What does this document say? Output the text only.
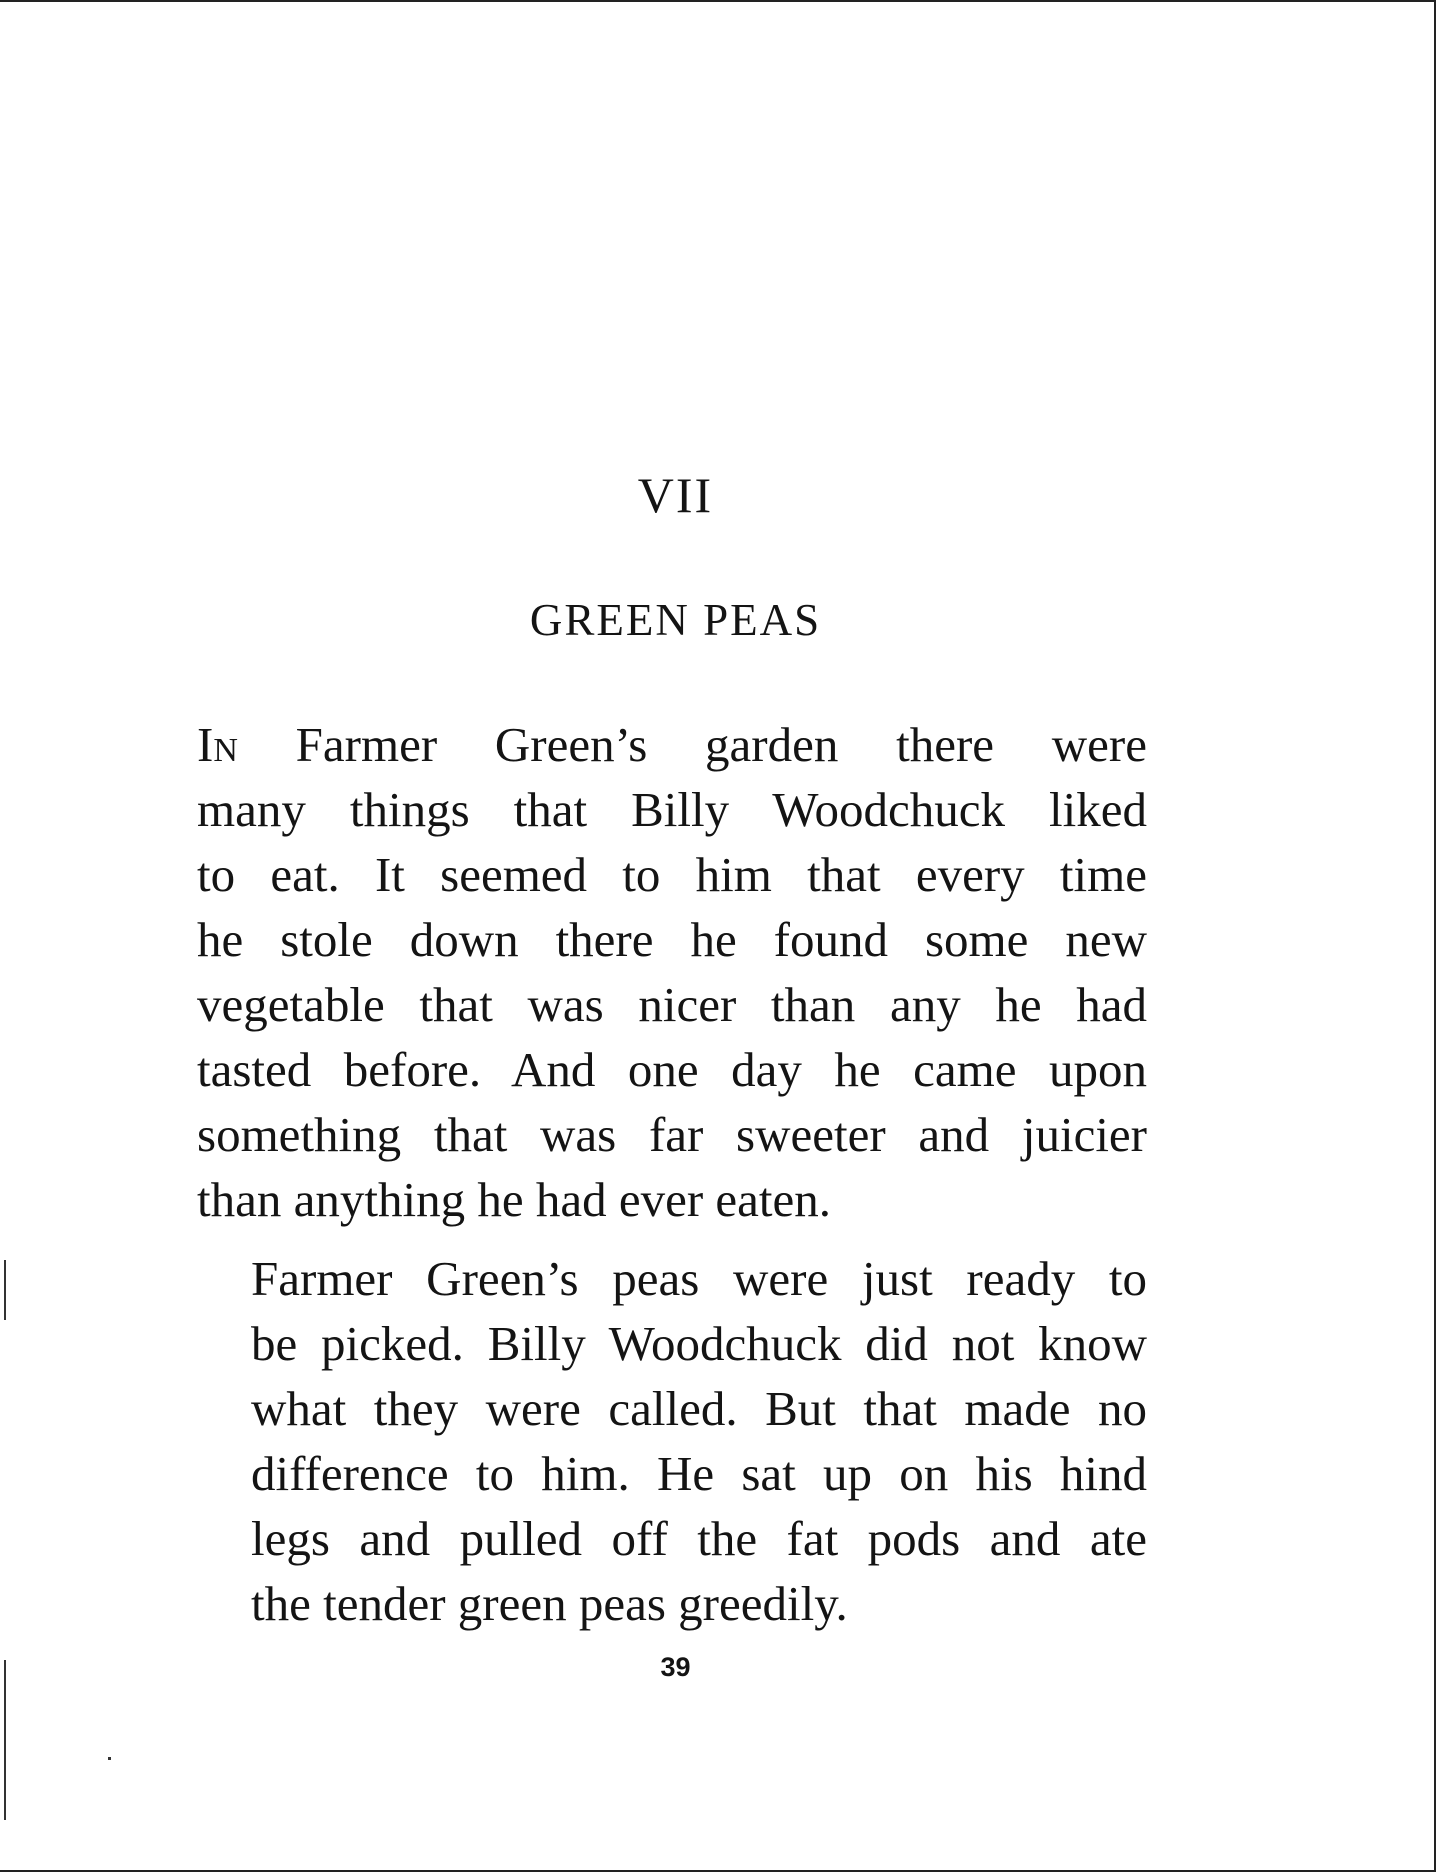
VII
GREEN PEAS

In Farmer Green’s garden there were
many things that Billy Woodchuck liked
to eat. It seemed to him that every time
he stole down there he found some new
vegetable that was nicer than any he had
tasted before. And one day he came upon
something that was far sweeter and juicier
than anything he had ever eaten.

Farmer Green’s peas were just ready to
be picked. Billy Woodchuck did not know
what they were called. But that made no
difference to him. He sat up on his hind
legs and pulled off the fat pods and ate
the tender green peas greedily.

39
